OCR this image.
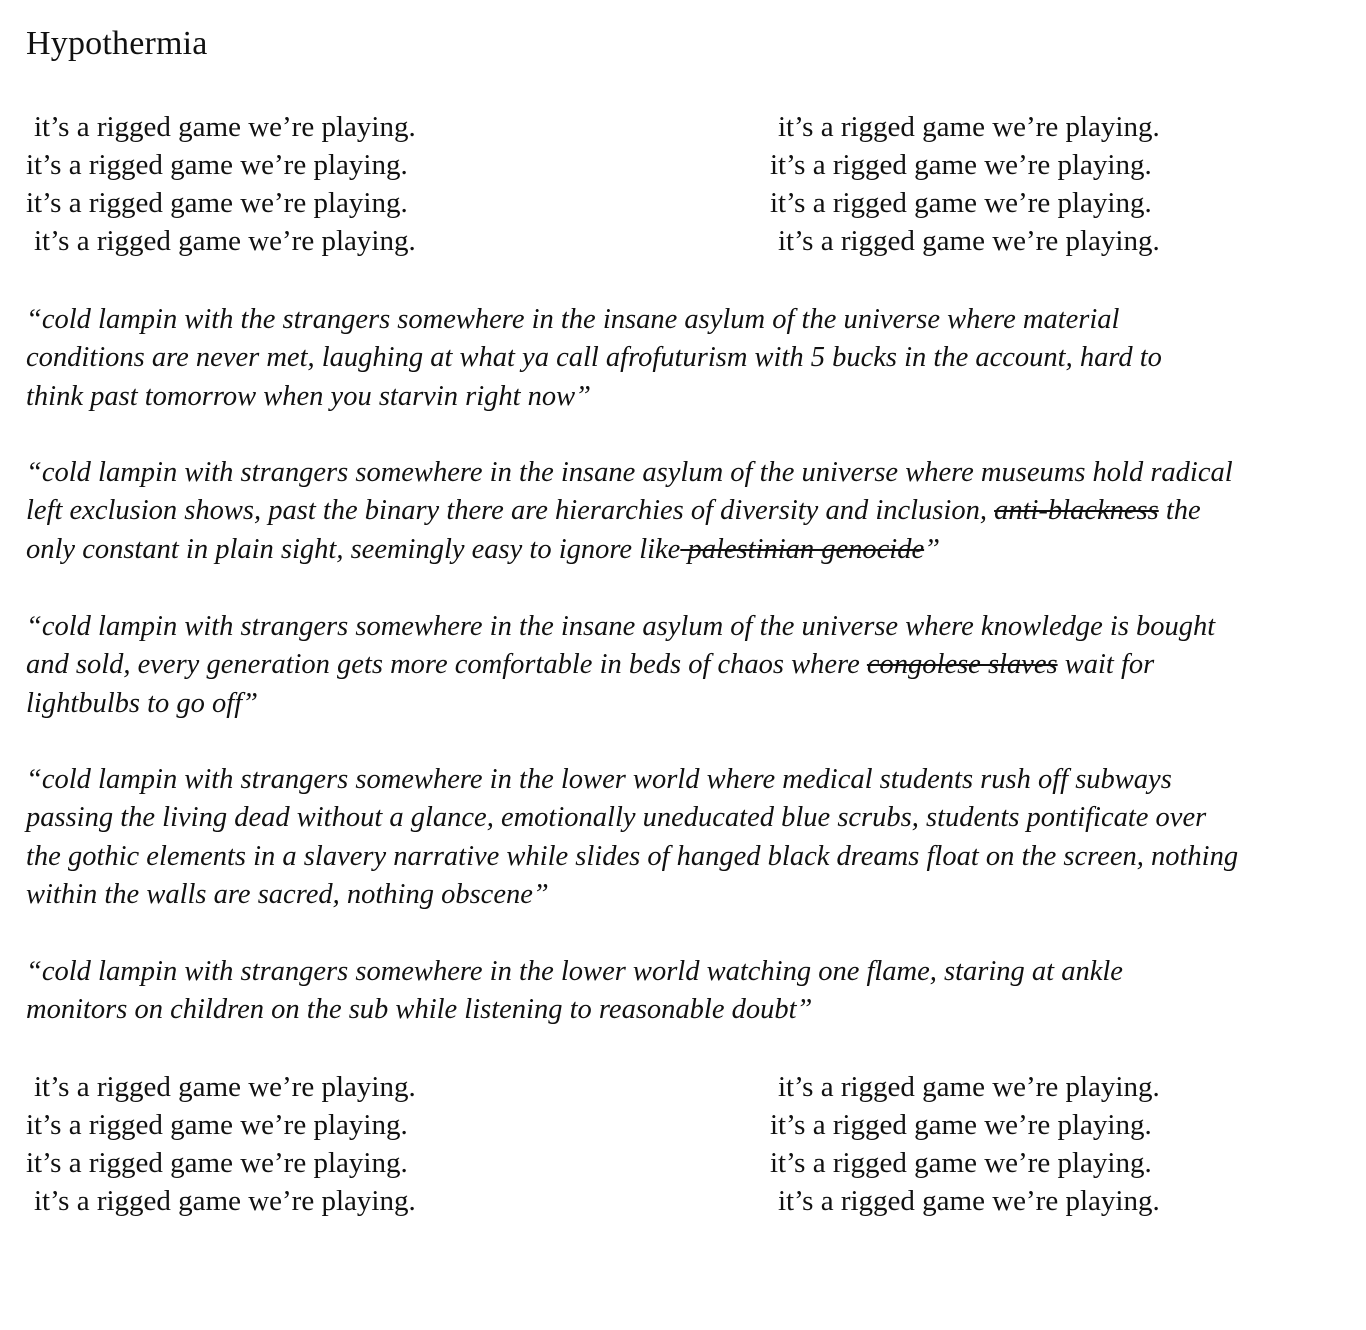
Hypothermia
it’s a rigged game we’re playing.
it’s a rigged game we’re playing.
it’s a rigged game we’re playing.
it’s a rigged game we’re playing.
it’s a rigged game we’re playing.
it’s a rigged game we’re playing.
it’s a rigged game we’re playing.
it’s a rigged game we’re playing.
“cold lampin with the strangers somewhere in the insane asylum of the universe where material
conditions are never met, laughing at what ya call afrofuturism with 5 bucks in the account, hard to
think past tomorrow when you starvin right now”
“cold lampin with strangers somewhere in the insane asylum of the universe where museums hold radical
left exclusion shows, past the binary there are hierarchies of diversity and inclusion, anti-blackness the
only constant in plain sight, seemingly easy to ignore like palestinian genocide”
“cold lampin with strangers somewhere in the insane asylum of the universe where knowledge is bought
and sold, every generation gets more comfortable in beds of chaos where congolese slaves wait for
lightbulbs to go off”
“cold lampin with strangers somewhere in the lower world where medical students rush off subways
passing the living dead without a glance, emotionally uneducated blue scrubs, students pontificate over
the gothic elements in a slavery narrative while slides of hanged black dreams float on the screen, nothing
within the walls are sacred, nothing obscene”
“cold lampin with strangers somewhere in the lower world watching one flame, staring at ankle
monitors on children on the sub while listening to reasonable doubt”
it’s a rigged game we’re playing.
it’s a rigged game we’re playing.
it’s a rigged game we’re playing.
it’s a rigged game we’re playing.
it’s a rigged game we’re playing.
it’s a rigged game we’re playing.
it’s a rigged game we’re playing.
it’s a rigged game we’re playing.
